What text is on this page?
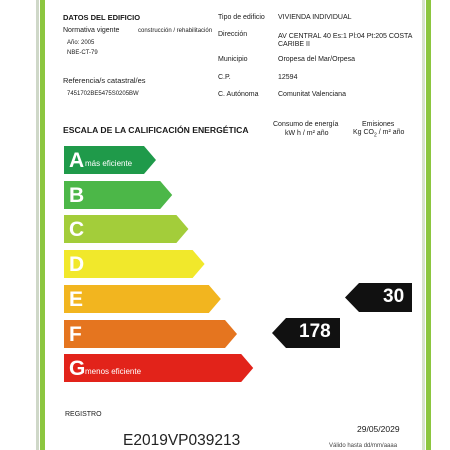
DATOS DEL EDIFICIO
Normativa vigente	construcción / rehabilitación
Año: 2005
NBE-CT-79
Referencia/s catastral/es
7451702BE5475S0205BW
Tipo de edificio VIVIENDA INDIVIDUAL
Dirección	AV CENTRAL 40 Es:1 Pl:04 Pt:205 COSTA
CARIBE II
Municipio	Oropesa del Mar/Orpesa
C.P.	12594
C. Autónoma	Comunitat Valenciana
ESCALA DE LA CALIFICACIÓN ENERGÉTICA
Consumo de energía
kW h / m² año
Emisiones
Kg $CO_2 / m^2$ año
A más eficiente
B
C
D
E
F
G menos eficiente
30
178
REGISTRO
E2019VP039213
29/05/2029
Válido hasta dd/mm/aaaa
